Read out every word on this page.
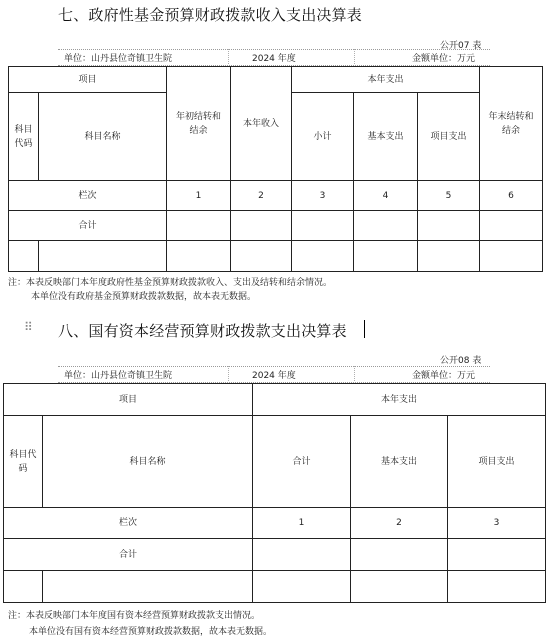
七、政府性基金预算财政拨款收入支出决算表
公开07 表
单位：山丹县位奇镇卫生院	2024 年度	金额单位：万元
项目		年初结转和结余	本年收入	本年支出			年末结转和结余
科目代码	科目名称			小计	基本支出	项目支出	
栏次		1	2	3	4	5	6
合计							

注：本表反映部门本年度政府性基金预算财政拨款收入、支出及结转和结余情况。
本单位没有政府基金预算财政拨款数据，故本表无数据。
⠿ 八、国有资本经营预算财政拨款支出决算表
公开08 表
单位：山丹县位奇镇卫生院	2024 年度	金额单位：万元
项目		本年支出		
科目代码	科目名称	合计	基本支出	项目支出
栏次		1	2	3
合计				

注：本表反映部门本年度国有资本经营预算财政拨款支出情况。
本单位没有国有资本经营预算财政拨款数据，故本表无数据。
